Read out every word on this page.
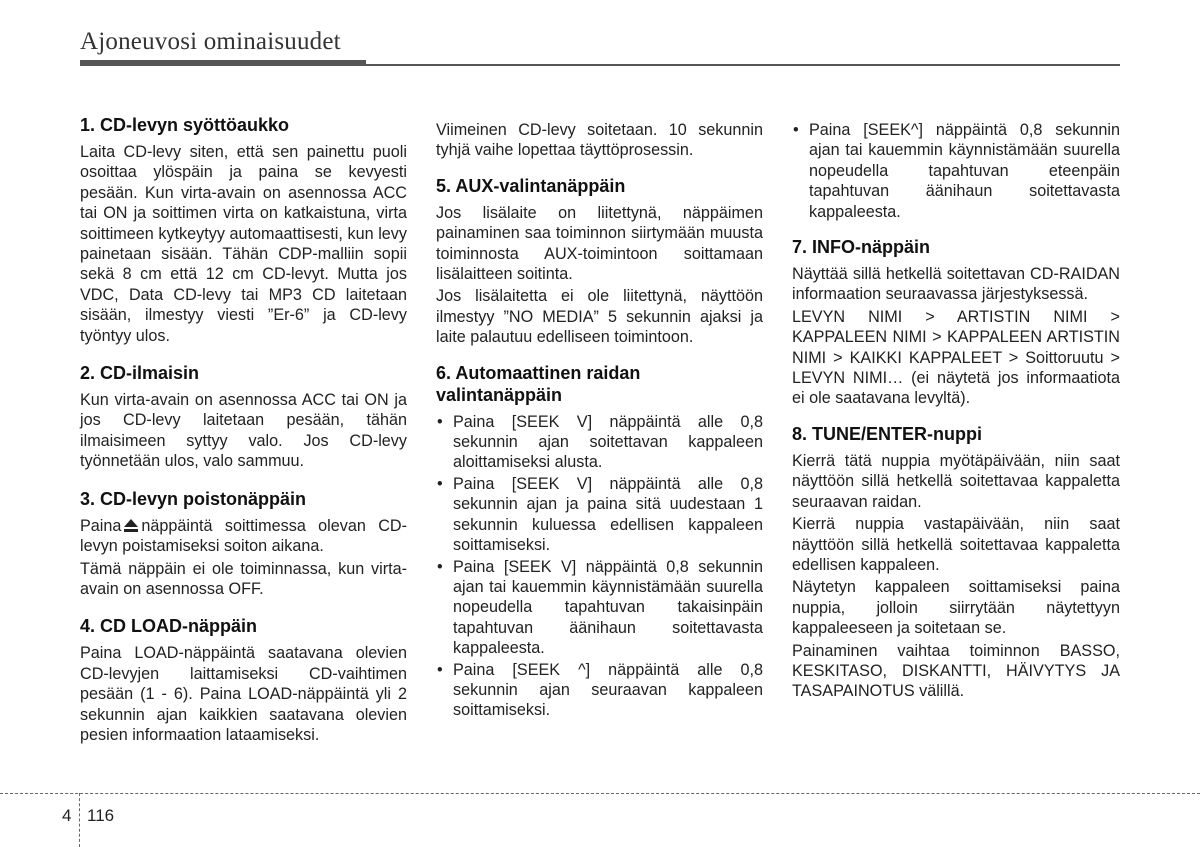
Ajoneuvosi ominaisuudet
1. CD-levyn syöttöaukko

Laita CD-levy siten, että sen painettu puoli osoittaa ylöspäin ja paina se kevyesti pesään. Kun virta-avain on asennossa ACC tai ON ja soittimen virta on katkaistuna, virta soittimeen kytkeytyy automaattisesti, kun levy painetaan sisään. Tähän CDP-malliin sopii sekä 8 cm että 12 cm CD-levyt. Mutta jos VDC, Data CD-levy tai MP3 CD laitetaan sisään, ilmestyy viesti ”Er-6” ja CD-levy työntyy ulos.

2. CD-ilmaisin

Kun virta-avain on asennossa ACC tai ON ja jos CD-levy laitetaan pesään, tähän ilmaisimeen syttyy valo. Jos CD-levy työnnetään ulos, valo sammuu.

3. CD-levyn poistonäppäin

Paina näppäintä soittimessa olevan CD-levyn poistamiseksi soiton aikana.

Tämä näppäin ei ole toiminnassa, kun virta-avain on asennossa OFF.

4. CD LOAD-näppäin

Paina LOAD-näppäintä saatavana olevien CD-levyjen laittamiseksi CD-vaihtimen pesään (1 - 6). Paina LOAD-näppäintä yli 2 sekunnin ajan kaikkien saatavana olevien pesien informaation lataamiseksi.

Viimeinen CD-levy soitetaan. 10 sekunnin tyhjä vaihe lopettaa täyttöprosessin.

5. AUX-valintanäppäin

Jos lisälaite on liitettynä, näppäimen painaminen saa toiminnon siirtymään muusta toiminnosta AUX-toimintoon soittamaan lisälaitteen soitinta.

Jos lisälaitetta ei ole liitettynä, näyttöön ilmestyy ”NO MEDIA” 5 sekunnin ajaksi ja laite palautuu edelliseen toimintoon.

6. Automaattinen raidan valintanäppäin
• Paina [SEEK V] näppäintä alle 0,8 sekunnin ajan soitettavan kappaleen aloittamiseksi alusta.
• Paina [SEEK V] näppäintä alle 0,8 sekunnin ajan ja paina sitä uudestaan 1 sekunnin kuluessa edellisen kappaleen soittamiseksi.
• Paina [SEEK V] näppäintä 0,8 sekunnin ajan tai kauemmin käynnistämään suurella nopeudella tapahtuvan takaisinpäin tapahtuvan äänihaun soitettavasta kappaleesta.
• Paina [SEEK ^] näppäintä alle 0,8 sekunnin ajan seuraavan kappaleen soittamiseksi.
• Paina [SEEK^] näppäintä 0,8 sekunnin ajan tai kauemmin käynnistämään suurella nopeudella tapahtuvan eteenpäin tapahtuvan äänihaun soitettavasta kappaleesta.
7. INFO-näppäin

Näyttää sillä hetkellä soitettavan CD-RAIDAN informaation seuraavassa järjestyksessä.

LEVYN NIMI > ARTISTIN NIMI > KAPPALEEN NIMI > KAPPALEEN ARTISTIN NIMI > KAIKKI KAPPALEET > Soittoruutu > LEVYN NIMI… (ei näytetä jos informaatiota ei ole saatavana levyltä).

8. TUNE/ENTER-nuppi

Kierrä tätä nuppia myötäpäivään, niin saat näyttöön sillä hetkellä soitettavaa kappaletta seuraavan raidan.

Kierrä nuppia vastapäivään, niin saat näyttöön sillä hetkellä soitettavaa kappaletta edellisen kappaleen.

Näytetyn kappaleen soittamiseksi paina nuppia, jolloin siirrytään näytettyyn kappaleeseen ja soitetaan se.

Painaminen vaihtaa toiminnon BASSO, KESKITASO, DISKANTTI, HÄIVYTYS JA TASAPAINOTUS välillä.

4 116
